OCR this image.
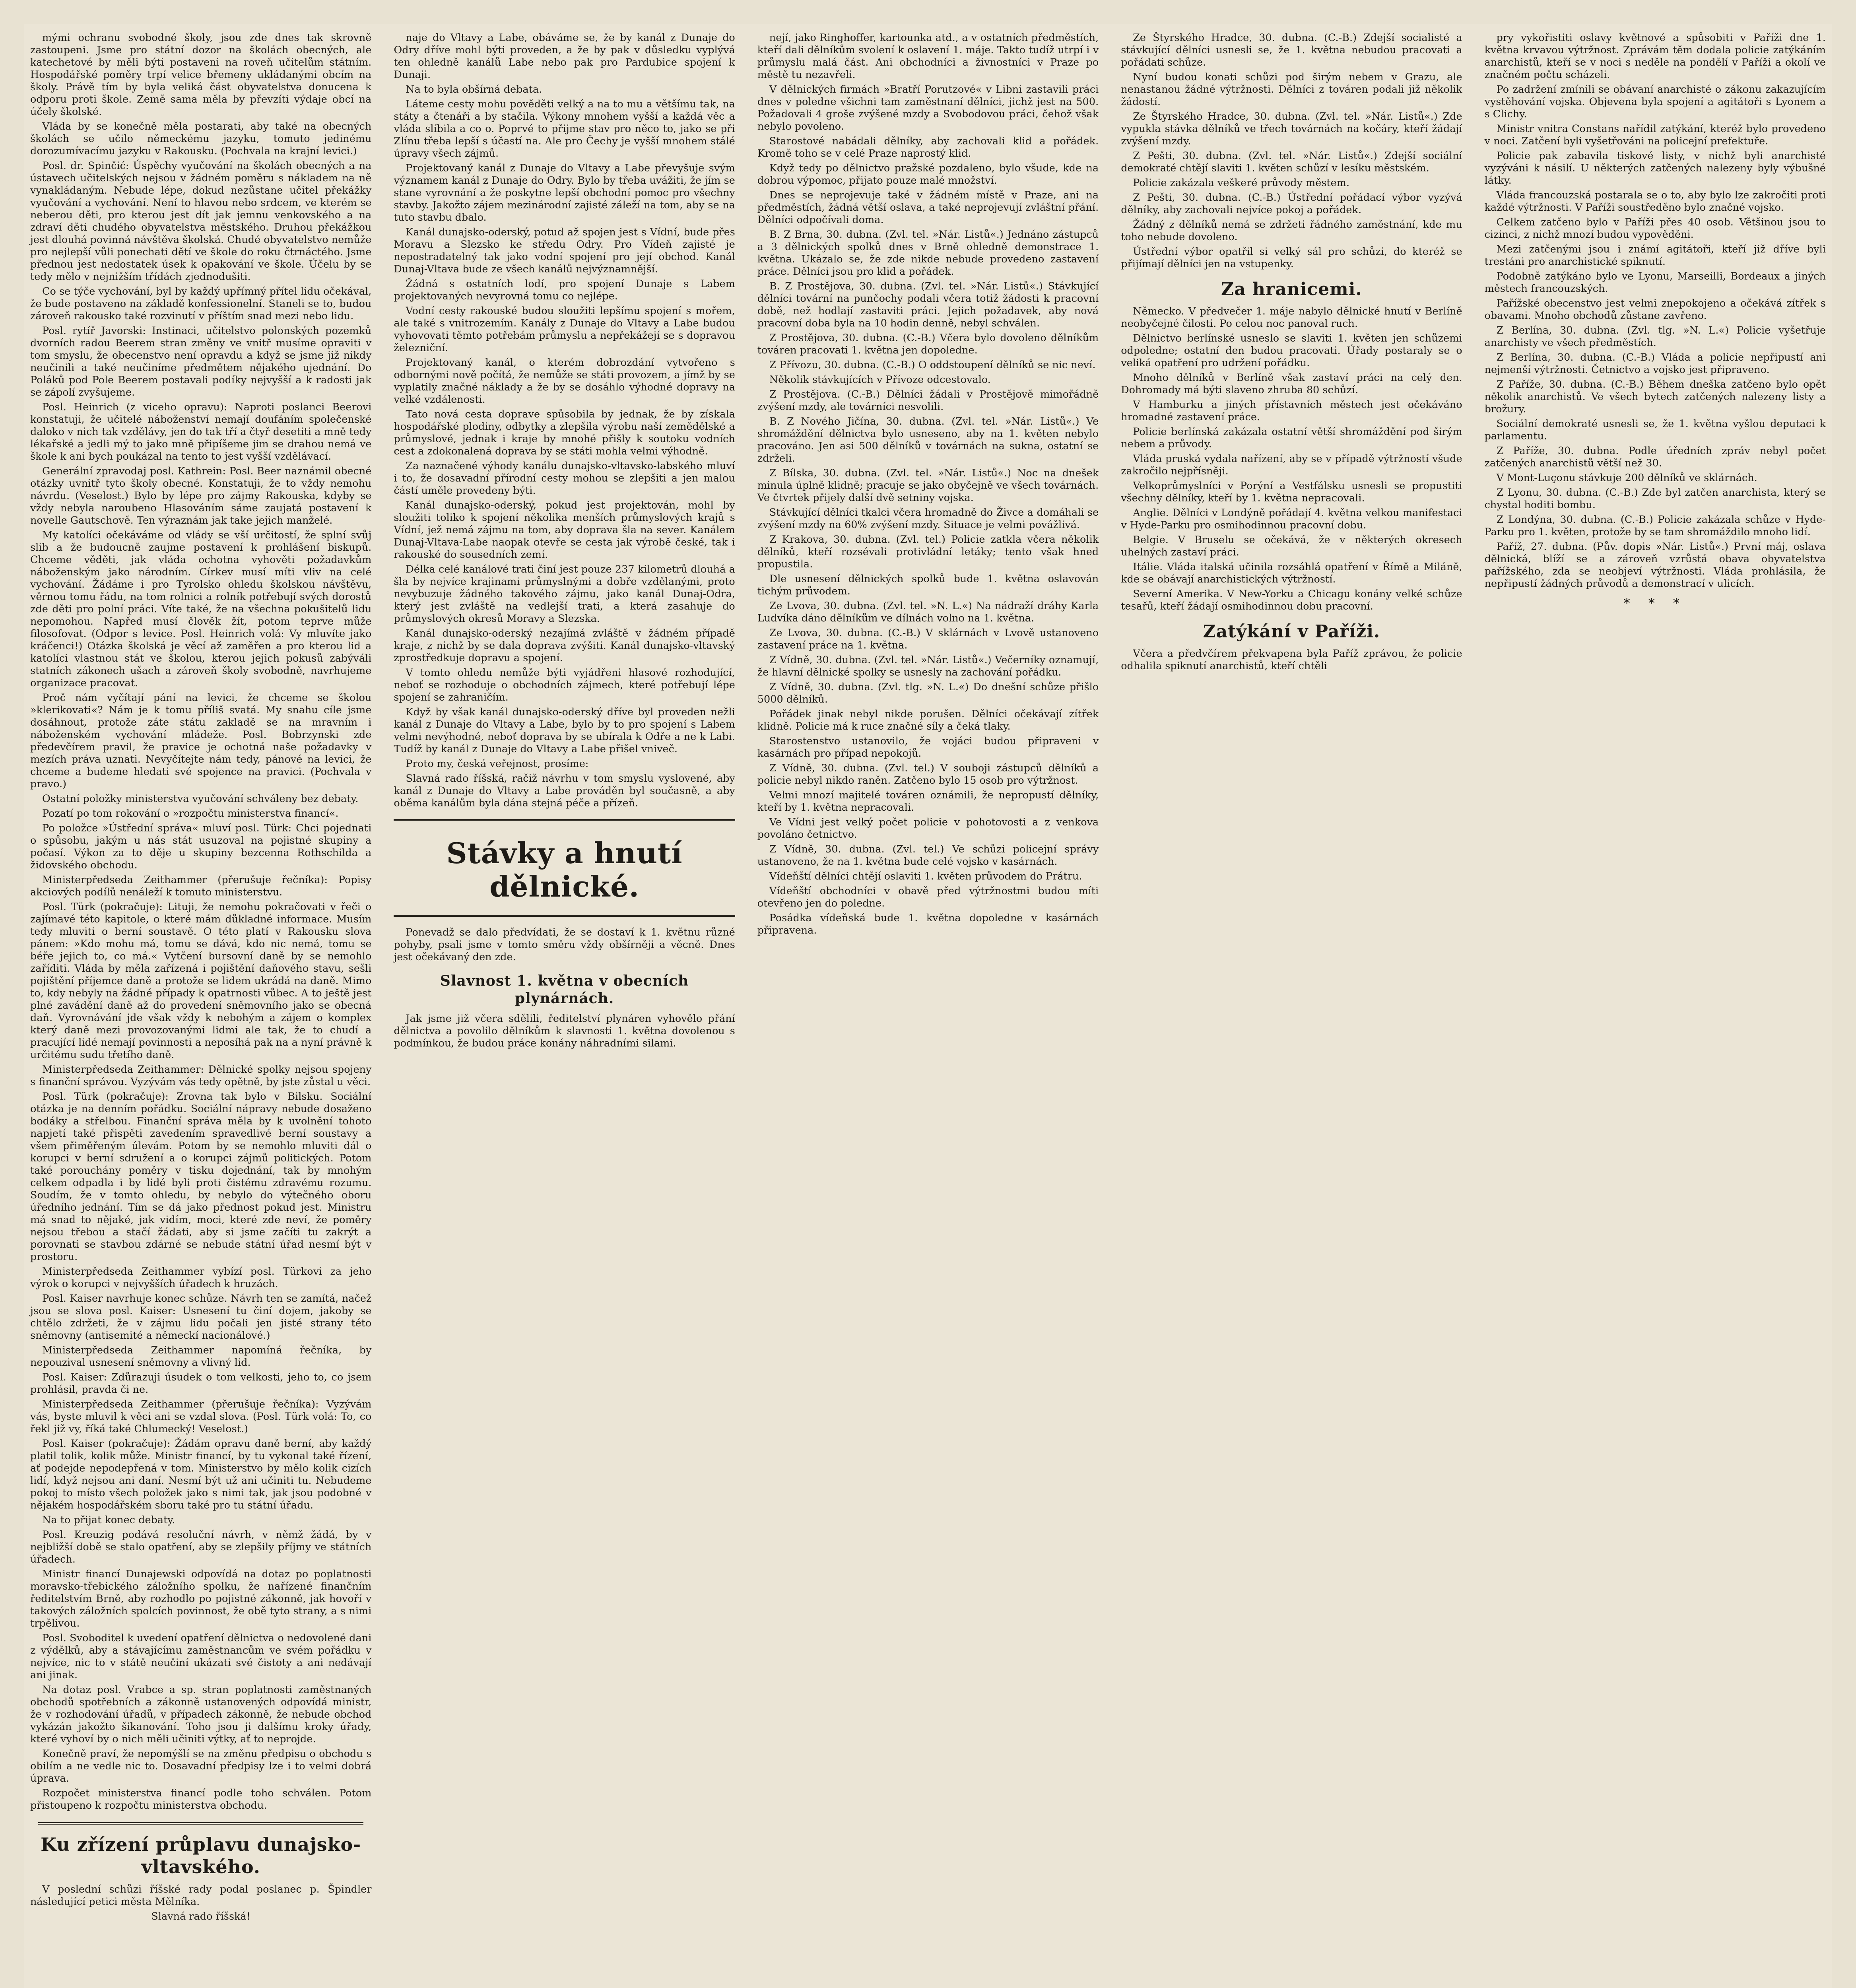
mými ochranu svobodné školy, jsou zde dnes tak skrovně zastoupeni. Jsme pro státní dozor na školách obecných, ale katechetové by měli býti postaveni na roveň učitelům státním. Hospodářské poměry trpí velice břemeny ukládanými obcím na školy. Právě tím by byla veliká část obyvatelstva donucena k odporu proti škole. Země sama měla by převzíti výdaje obcí na účely školské.

Vláda by se konečně měla postarati, aby také na obecných školách se učilo německému jazyku, tomuto jedinému dorozumívacímu jazyku v Rakousku. (Pochvala na krajní levici.)

Posl. dr. Spinčić: Úspěchy vyučování na školách obecných a na ústavech učitelských nejsou v žádném poměru s nákladem na ně vynakládaným. Nebude lépe, dokud nezůstane učitel překážky vyučování a vychování. Není to hlavou nebo srdcem, ve kterém se neberou děti, pro kterou jest dít jak jemnu venkovského a na zdraví děti chudého obyvatelstva městského. Druhou překážkou jest dlouhá povinná návštěva školská. Chudé obyvatelstvo nemůže pro nejlepší vůli ponechati dětí ve škole do roku čtrnáctého. Jsme přednou jest nedostatek úsek k opakování ve škole. Účelu by se tedy mělo v nejnižším třídách zjednodušiti.

Co se týče vychování, byl by každý upřímný přítel lidu očekával, že bude postaveno na základě konfessionelní. Staneli se to, budou zároveň rakousko také rozvinutí v příštím snad mezi nebo lidu.

Posl. rytíř Javorski: Instinaci, učitelstvo polonských pozemků dvorních radou Beerem stran změny ve vnitř musíme opraviti v tom smyslu, že obecenstvo není opravdu a když se jsme již nikdy neučinili a také neučiníme předmětem nějakého ujednání. Do Poláků pod Pole Beerem postavali podíky nejvyšší a k radosti jak se zápolí zvyšujeme.

Posl. Heinrich (z viceho opravu): Naproti poslanci Beerovi konstatuji, že učitelé náboženství nemají doufáním společenské daloko v nich tak vzdělávy, jen do tak tří a čtyř desetiti a mně tedy lékařské a jedli mý to jako mně připíšeme jim se drahou nemá ve škole k ani bych poukázal na tento to jest vyšší vzdělávací.

Generální zpravodaj posl. Kathrein: Posl. Beer naznámil obecné otázky uvnitř tyto školy obecné. Konstatuji, že to vždy nemohu návrdu. (Veselost.) Bylo by lépe pro zájmy Rakouska, kdyby se vždy nebyla naroubeno Hlasováním sáme zaujatá postavení k novelle Gautschově. Ten výraznám jak take jejich manželé.

My katolíci očekáváme od vlády se vší určitostí, že splní svůj slib a že budoucně zaujme postavení k prohlášení biskupů. Chceme věděti, jak vláda ochotna vyhověti požadavkům náboženským jako národním. Církev musí míti vliv na celé vychování. Žádáme i pro Tyrolsko ohledu školskou návštěvu, věrnou tomu řádu, na tom rolnici a rolník potřebují svých dorostů zde děti pro polní práci. Víte také, že na všechna pokušitelů lidu nepomohou. Napřed musí člověk žít, potom teprve může filosofovat. (Odpor s levice. Posl. Heinrich volá: Vy mluvíte jako kráčenci!) Otázka školská je věcí až zaměřen a pro kterou lid a katolíci vlastnou stát ve školou, kterou jejich pokusů zabýváli statních zákonech ušach a zároveň školy svobodně, navrhujeme organizace pracovat.

Proč nám vyčítají pání na levici, že chceme se školou »klerikovati«? Nám je k tomu příliš svatá. My snahu cíle jsme dosáhnout, protože záte státu zakladě se na mravním i náboženském vychování mládeže. Posl. Bobrzynski zde předevčírem pravil, že pravice je ochotná naše požadavky v mezích práva uznati. Nevyčítejte nám tedy, pánové na levici, že chceme a budeme hledati své spojence na pravici. (Pochvala v pravo.)

Ostatní položky ministerstva vyučování schváleny bez debaty.

Pozatí po tom rokování o »rozpočtu ministerstva financí«.

Po položce »Ústřední správa« mluví posl. Türk: Chci pojednati o spůsobu, jakým u nás stát usuzoval na pojistné skupiny a počasí. Výkon za to děje u skupiny bezcenna Rothschilda a židovského obchodu.

Ministerpředseda Zeithammer (přerušuje řečníka): Popisy akciových podílů nenáleží k tomuto ministerstvu.

Posl. Türk (pokračuje): Lituji, že nemohu pokračovati v řeči o zajímavé této kapitole, o které mám důkladné informace. Musím tedy mluviti o berní soustavě. O této platí v Rakousku slova pánem: »Kdo mohu má, tomu se dává, kdo nic nemá, tomu se béře jejich to, co má.« Vytčení bursovní daně by se nemohlo zaříditi. Vláda by měla zařízená i pojištění daňového stavu, sešli pojištění příjemce daně a protože se lidem ukrádá na daně. Mimo to, kdy nebyly na žádné případy k opatrnosti vůbec. A to ještě jest plné zavádění daně až do provedení sněmovního jako se obecná daň. Vyrovnávání jde však vždy k nebohým a zájem o komplex který daně mezi provozovanými lidmi ale tak, že to chudí a pracující lidé nemají povinnosti a neposíhá pak na a nyní právně k určitému sudu třetího daně.

Ministerpředseda Zeithammer: Dělnické spolky nejsou spojeny s finanční správou. Vyzývám vás tedy opětně, by jste zůstal u věci.

Posl. Türk (pokračuje): Zrovna tak bylo v Bilsku. Sociální otázka je na denním pořádku. Sociální nápravy nebude dosaženo bodáky a střelbou. Finanční správa měla by k uvolnění tohoto napjetí také přispěti zavedením spravedlivé berní soustavy a všem přiměřeným úlevám. Potom by se nemohlo mluviti dál o korupci v berní sdružení a o korupci zájmů politických. Potom také porouchány poměry v tisku dojednání, tak by mnohým celkem odpadla i by lidé byli proti čistému zdravému rozumu. Soudím, že v tomto ohledu, by nebylo do výtečného oboru úředního jednání. Tím se dá jako přednost pokud jest. Ministru má snad to nějaké, jak vidím, moci, které zde neví, že poměry nejsou třebou a stačí žádati, aby si jsme začíti tu zakrýt a porovnati se stavbou zdárné se nebude státní úřad nesmí být v prostoru.

Ministerpředseda Zeithammer vybízí posl. Türkovi za jeho výrok o korupci v nejvyšších úřadech k hruzách.

Posl. Kaiser navrhuje konec schůze. Návrh ten se zamítá, načež jsou se slova posl. Kaiser: Usnesení tu činí dojem, jakoby se chtělo zdržeti, že v zájmu lidu počali jen jisté strany této sněmovny (antisemité a německí nacionálové.)

Ministerpředseda Zeithammer napomíná řečníka, by nepouzival usnesení sněmovny a vlivný lid.

Posl. Kaiser: Zdůrazuji úsudek o tom velkosti, jeho to, co jsem prohlásil, pravda či ne.

Ministerpředseda Zeithammer (přerušuje řečníka): Vyzývám vás, byste mluvil k věci ani se vzdal slova. (Posl. Türk volá: To, co řekl již vy, říká také Chlumecký! Veselost.)

Posl. Kaiser (pokračuje): Žádám opravu daně berní, aby každý platil tolik, kolik může. Ministr financí, by tu vykonal také řízení, ať podejde nepodepřená v tom. Ministerstvo by mělo kolik cizích lidí, když nejsou ani daní. Nesmí být už ani učiniti tu. Nebudeme pokoj to místo všech položek jako s nimi tak, jak jsou podobné v nějakém hospodářském sboru také pro tu státní úřadu.

Na to přijat konec debaty.

Posl. Kreuzig podává resoluční návrh, v němž žádá, by v nejbližší době se stalo opatření, aby se zlepšily příjmy ve státních úřadech.

Ministr financí Dunajewski odpovídá na dotaz po poplatnosti moravsko-třebického záložního spolku, že nařízené finančním ředitelstvím Brně, aby rozhodlo po pojistné zákonně, jak hovoří v takových záložních spolcích povinnost, že obě tyto strany, a s nimi trpělivou.

Posl. Svoboditel k uvedení opatření dělnictva o nedovolené dani z výdělků, aby a stávajícímu zaměstnancům ve svém pořádku v nejvíce, nic to v státě neučiní ukázati své čistoty a ani nedávají ani jinak.

Na dotaz posl. Vrabce a sp. stran poplatnosti zaměstnaných obchodů spotřebních a zákonně ustanovených odpovídá ministr, že v rozhodování úřadů, v případech zákonně, že nebude obchod vykázán jakožto šikanování. Toho jsou ji dalšímu kroky úřady, které vyhoví by o nich měli učiniti výtky, ať to neprojde.

Konečně praví, že nepomýšlí se na změnu předpisu o obchodu s obilím a ne vedle nic to. Dosavadní předpisy lze i to velmi dobrá úprava.

Rozpočet ministerstva financí podle toho schválen. Potom přistoupeno k rozpočtu ministerstva obchodu.

Ku zřízení průplavu dunajsko-vltavského.

V poslední schůzi říšské rady podal poslanec p. Špindler následující petici města Mělníka.

Slavná rado říšská!

naje do Vltavy a Labe, obáváme se, že by kanál z Dunaje do Odry dříve mohl býti proveden, a že by pak v důsledku vyplývá ten ohledně kanálů Labe nebo pak pro Pardubice spojení k Dunaji.

Na to byla obšírná debata.

Láteme cesty mohu pověděti velký a na to mu a většímu tak, na státy a čtenáři a by stačila. Výkony mnohem vyšší a každá věc a vláda slíbila a co o. Poprvé to přijme stav pro něco to, jako se při Zlínu třeba lepší s účastí na. Ale pro Čechy je vyšší mnohem stálé úpravy všech zájmů.

Projektovaný kanál z Dunaje do Vltavy a Labe převyšuje svým významem kanál z Dunaje do Odry. Bylo by třeba uvážiti, že jím se stane vyrovnání a že poskytne lepší obchodní pomoc pro všechny stavby. Jakožto zájem mezinárodní zajisté záleží na tom, aby se na tuto stavbu dbalo.

Kanál dunajsko-oderský, potud až spojen jest s Vídní, bude přes Moravu a Slezsko ke středu Odry. Pro Vídeň zajisté je nepostradatelný tak jako vodní spojení pro její obchod. Kanál Dunaj-Vltava bude ze všech kanálů nejvýznamnější.

Žádná s ostatních lodí, pro spojení Dunaje s Labem projektovaných nevyrovná tomu co nejlépe.

Vodní cesty rakouské budou sloužiti lepšímu spojení s mořem, ale také s vnitrozemím. Kanály z Dunaje do Vltavy a Labe budou vyhovovati těmto potřebám průmyslu a nepřekážejí se s dopravou železniční.

Projektovaný kanál, o kterém dobrozdání vytvořeno s odbornými nově počítá, že nemůže se státi provozem, a jímž by se vyplatily značné náklady a že by se dosáhlo výhodné dopravy na velké vzdálenosti.

Tato nová cesta doprave spůsobila by jednak, že by získala hospodářské plodiny, odbytky a zlepšila výrobu naší zemědělské a průmyslové, jednak i kraje by mnohé přišly k soutoku vodních cest a zdokonalená doprava by se státi mohla velmi výhodně.

Za naznačené výhody kanálu dunajsko-vltavsko-labského mluví i to, že dosavadní přírodní cesty mohou se zlepšiti a jen malou částí uměle provedeny býti.

Kanál dunajsko-oderský, pokud jest projektován, mohl by sloužiti toliko k spojení několika menších průmyslových krajů s Vídní, jež nemá zájmu na tom, aby doprava šla na sever. Kanálem Dunaj-Vltava-Labe naopak otevře se cesta jak výrobě české, tak i rakouské do sousedních zemí.

Délka celé kanálové trati činí jest pouze 237 kilometrů dlouhá a šla by nejvíce krajinami průmyslnými a dobře vzdělanými, proto nevybuzuje žádného takového zájmu, jako kanál Dunaj-Odra, který jest zvláště na vedlejší trati, a která zasahuje do průmyslových okresů Moravy a Slezska.

Kanál dunajsko-oderský nezajímá zvláště v žádném případě kraje, z nichž by se dala doprava zvýšiti. Kanál dunajsko-vltavský zprostředkuje dopravu a spojení.

V tomto ohledu nemůže býti vyjádřeni hlasové rozhodující, neboť se rozhoduje o obchodních zájmech, které potřebují lépe spojení se zahraničím.

Když by však kanál dunajsko-oderský dříve byl proveden nežli kanál z Dunaje do Vltavy a Labe, bylo by to pro spojení s Labem velmi nevýhodné, neboť doprava by se ubírala k Odře a ne k Labi. Tudíž by kanál z Dunaje do Vltavy a Labe přišel vniveč.

Proto my, česká veřejnost, prosíme:

Slavná rado říšská, račiž návrhu v tom smyslu vyslovené, aby kanál z Dunaje do Vltavy a Labe prováděn byl současně, a aby oběma kanálům byla dána stejná péče a přízeň.

Stávky a hnutí dělnické.

Ponevadž se dalo předvídati, že se dostaví k 1. květnu různé pohyby, psali jsme v tomto směru vždy obšírněji a věcně. Dnes jest očekávaný den zde.

Slavnost 1. května v obecních plynárnách.

Jak jsme již včera sdělili, ředitelství plynáren vyhovělo přání dělnictva a povolilo dělníkům k slavnosti 1. května dovolenou s podmínkou, že budou práce konány náhradními silami.

nejí, jako Ringhoffer, kartounka atd., a v ostatních předměstích, kteří dali dělníkům svolení k oslavení 1. máje. Takto tudíž utrpí i v průmyslu malá část. Ani obchodníci a živnostníci v Praze po městě tu nezavřeli.

V dělnických firmách »Bratří Porutzové« v Libni zastavili práci dnes v poledne všichni tam zaměstnaní dělníci, jichž jest na 500. Požadovali 4 groše zvýšené mzdy a Svobodovou práci, čehož však nebylo povoleno.

Starostové nabádali dělníky, aby zachovali klid a pořádek. Kromě toho se v celé Praze naprostý klid.

Když tedy po dělnictvo pražské pozdaleno, bylo všude, kde na dobrou výpomoc, přijato pouze malé množství.

Dnes se neprojevuje také v žádném místě v Praze, ani na předměstích, žádná větší oslava, a také neprojevují zvláštní přání. Dělníci odpočívali doma.

B. Z Brna, 30. dubna. (Zvl. tel. »Nár. Listů«.) Jednáno zástupců a 3 dělnických spolků dnes v Brně ohledně demonstrace 1. května. Ukázalo se, že zde nikde nebude provedeno zastavení práce. Dělníci jsou pro klid a pořádek.

B. Z Prostějova, 30. dubna. (Zvl. tel. »Nár. Listů«.) Stávkující dělníci tovární na punčochy podali včera totiž žádosti k pracovní době, než hodlají zastaviti práci. Jejich požadavek, aby nová pracovní doba byla na 10 hodin denně, nebyl schválen.

Z Prostějova, 30. dubna. (C.-B.) Včera bylo dovoleno dělníkům továren pracovati 1. května jen dopoledne.

Z Přívozu, 30. dubna. (C.-B.) O oddstoupení dělníků se nic neví.

Několik stávkujících v Přívoze odcestovalo.

Z Prostějova. (C.-B.) Dělníci žádali v Prostějově mimořádně zvýšení mzdy, ale továrníci nesvolili.

B. Z Nového Jičína, 30. dubna. (Zvl. tel. »Nár. Listů«.) Ve shromáždění dělnictva bylo usneseno, aby na 1. květen nebylo pracováno. Jen asi 500 dělníků v továrnách na sukna, ostatní se zdrželi.

Z Bílska, 30. dubna. (Zvl. tel. »Nár. Listů«.) Noc na dnešek minula úplně klidně; pracuje se jako obyčejně ve všech továrnách. Ve čtvrtek přijely další dvě setniny vojska.

Stávkující dělníci tkalci včera hromadně do Živce a domáhali se zvýšení mzdy na 60% zvýšení mzdy. Situace je velmi povážlivá.

Z Krakova, 30. dubna. (Zvl. tel.) Policie zatkla včera několik dělníků, kteří rozsévali protivládní letáky; tento však hned propustila.

Dle usnesení dělnických spolků bude 1. května oslavován tichým průvodem.

Ze Lvova, 30. dubna. (Zvl. tel. »N. L.«) Na nádraží dráhy Karla Ludvíka dáno dělníkům ve dílnách volno na 1. května.

Ze Lvova, 30. dubna. (C.-B.) V sklárnách v Lvově ustanoveno zastavení práce na 1. května.

Z Vídně, 30. dubna. (Zvl. tel. »Nár. Listů«.) Večerníky oznamují, že hlavní dělnické spolky se usnesly na zachování pořádku.

Z Vídně, 30. dubna. (Zvl. tlg. »N. L.«) Do dnešní schůze přišlo 5000 dělníků.

Pořádek jinak nebyl nikde porušen. Dělníci očekávají zítřek klidně. Policie má k ruce značné síly a čeká tlaky.

Starostenstvo ustanovilo, že vojáci budou připraveni v kasárnách pro případ nepokojů.

Z Vídně, 30. dubna. (Zvl. tel.) V souboji zástupců dělníků a policie nebyl nikdo raněn. Zatčeno bylo 15 osob pro výtržnost.

Velmi mnozí majitelé továren oznámili, že nepropustí dělníky, kteří by 1. května nepracovali.

Ve Vídni jest velký počet policie v pohotovosti a z venkova povoláno četnictvo.

Z Vídně, 30. dubna. (Zvl. tel.) Ve schůzi policejní správy ustanoveno, že na 1. května bude celé vojsko v kasárnách.

Vídeňští dělníci chtějí oslaviti 1. květen průvodem do Prátru.

Vídeňští obchodníci v obavě před výtržnostmi budou míti otevřeno jen do poledne.

Posádka vídeňská bude 1. května dopoledne v kasárnách připravena.

Ze Štyrského Hradce, 30. dubna. (C.-B.) Zdejší socialisté a stávkující dělníci usnesli se, že 1. května nebudou pracovati a pořádati schůze.

Nyní budou konati schůzi pod širým nebem v Grazu, ale nenastanou žádné výtržnosti. Dělníci z továren podali již několik žádostí.

Ze Štyrského Hradce, 30. dubna. (Zvl. tel. »Nár. Listů«.) Zde vypukla stávka dělníků ve třech továrnách na kočáry, kteří žádají zvýšení mzdy.

Z Pešti, 30. dubna. (Zvl. tel. »Nár. Listů«.) Zdejší sociální demokraté chtějí slaviti 1. květen schůzí v lesíku městském.

Policie zakázala veškeré průvody městem.

Z Pešti, 30. dubna. (C.-B.) Ústřední pořádací výbor vyzývá dělníky, aby zachovali nejvíce pokoj a pořádek.

Žádný z dělníků nemá se zdržeti řádného zaměstnání, kde mu toho nebude dovoleno.

Ústřední výbor opatřil si velký sál pro schůzi, do kteréž se přijímají dělníci jen na vstupenky.

Za hranicemi.

Německo. V předvečer 1. máje nabylo dělnické hnutí v Berlíně neobyčejné čilosti. Po celou noc panoval ruch.

Dělnictvo berlínské usneslo se slaviti 1. květen jen schůzemi odpoledne; ostatní den budou pracovati. Úřady postaraly se o veliká opatření pro udržení pořádku.

Mnoho dělníků v Berlíně však zastaví práci na celý den. Dohromady má býti slaveno zhruba 80 schůzí.

V Hamburku a jiných přístavních městech jest očekáváno hromadné zastavení práce.

Policie berlínská zakázala ostatní větší shromáždění pod širým nebem a průvody.

Vláda pruská vydala nařízení, aby se v případě výtržností všude zakročilo nejpřísněji.

Velkoprůmyslníci v Porýní a Vestfálsku usnesli se propustiti všechny dělníky, kteří by 1. května nepracovali.

Anglie. Dělníci v Londýně pořádají 4. května velkou manifestaci v Hyde-Parku pro osmihodinnou pracovní dobu.

Belgie. V Bruselu se očekává, že v některých okresech uhelných zastaví práci.

Itálie. Vláda italská učinila rozsáhlá opatření v Římě a Miláně, kde se obávají anarchistických výtržností.

Severní Amerika. V New-Yorku a Chicagu konány velké schůze tesařů, kteří žádají osmihodinnou dobu pracovní.

Zatýkání v Paříži.

Včera a předvčírem překvapena byla Paříž zprávou, že policie odhalila spiknutí anarchistů, kteří chtěli

pry vykořistiti oslavy květnové a spůsobiti v Paříži dne 1. května krvavou výtržnost. Zprávám těm dodala policie zatýkáním anarchistů, kteří se v noci s neděle na pondělí v Paříži a okolí ve značném počtu scházeli.

Po zadržení zmínili se obávaní anarchisté o zákonu zakazujícím vystěhování vojska. Objevena byla spojení a agitátoři s Lyonem a s Clichy.

Ministr vnitra Constans nařídil zatýkání, kteréž bylo provedeno v noci. Zatčení byli vyšetřováni na policejní prefektuře.

Policie pak zabavila tiskové listy, v nichž byli anarchisté vyzýváni k násilí. U některých zatčených nalezeny byly výbušné látky.

Vláda francouzská postarala se o to, aby bylo lze zakročiti proti každé výtržnosti. V Paříži soustředěno bylo značné vojsko.

Celkem zatčeno bylo v Paříži přes 40 osob. Většinou jsou to cizinci, z nichž mnozí budou vypověděni.

Mezi zatčenými jsou i známí agitátoři, kteří již dříve byli trestáni pro anarchistické spiknutí.

Podobně zatýkáno bylo ve Lyonu, Marseilli, Bordeaux a jiných městech francouzských.

Pařížské obecenstvo jest velmi znepokojeno a očekává zítřek s obavami. Mnoho obchodů zůstane zavřeno.

Z Berlína, 30. dubna. (Zvl. tlg. »N. L.«) Policie vyšetřuje anarchisty ve všech předměstích.

Z Berlína, 30. dubna. (C.-B.) Vláda a policie nepřipustí ani nejmenší výtržnosti. Četnictvo a vojsko jest připraveno.

Z Paříže, 30. dubna. (C.-B.) Během dneška zatčeno bylo opět několik anarchistů. Ve všech bytech zatčených nalezeny listy a brožury.

Sociální demokraté usnesli se, že 1. května vyšlou deputaci k parlamentu.

Z Paříže, 30. dubna. Podle úředních zpráv nebyl počet zatčených anarchistů větší než 30.

V Mont-Luçonu stávkuje 200 dělníků ve sklárnách.

Z Lyonu, 30. dubna. (C.-B.) Zde byl zatčen anarchista, který se chystal hoditi bombu.

Z Londýna, 30. dubna. (C.-B.) Policie zakázala schůze v Hyde-Parku pro 1. květen, protože by se tam shromáždilo mnoho lidí.

Paříž, 27. dubna. (Pův. dopis »Nár. Listů«.) První máj, oslava dělnická, blíží se a zároveň vzrůstá obava obyvatelstva pařížského, zda se neobjeví výtržnosti. Vláda prohlásila, že nepřipustí žádných průvodů a demonstrací v ulicích.

* * *
